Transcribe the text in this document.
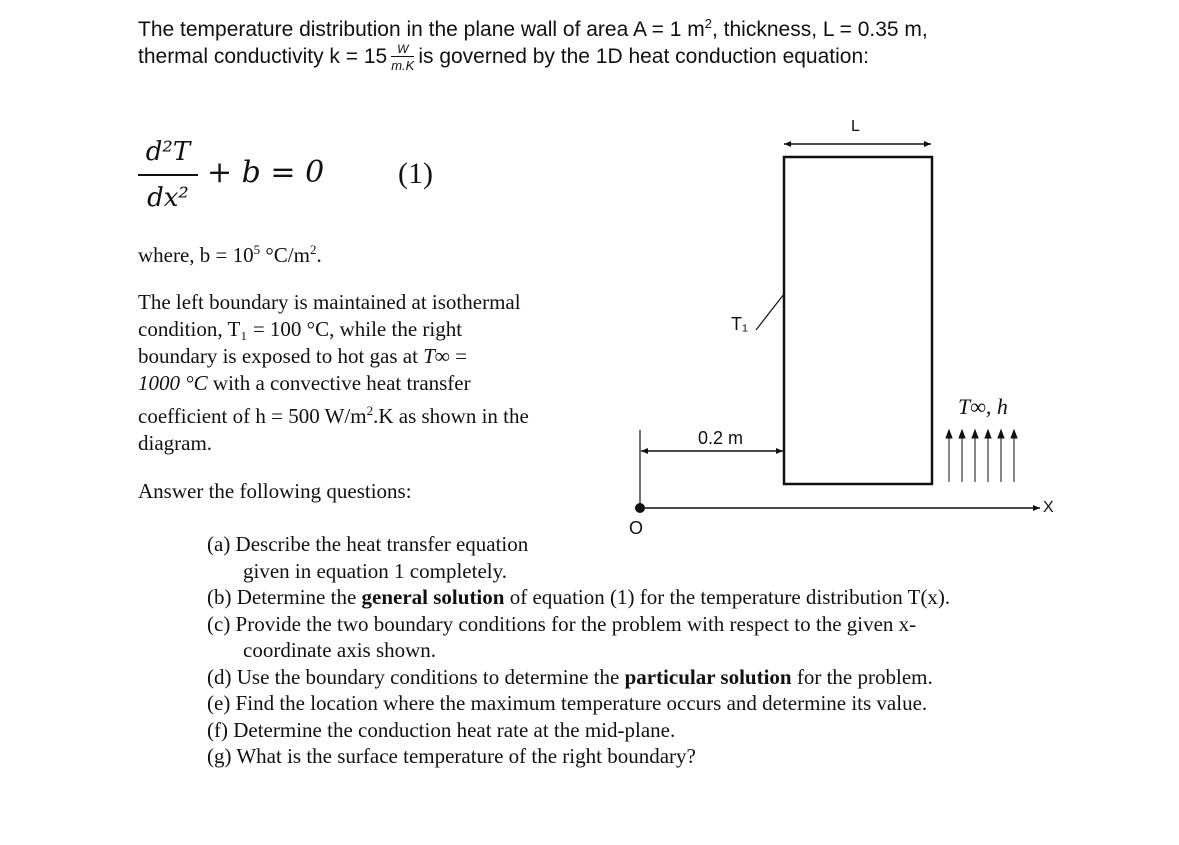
The temperature distribution in the plane wall of area A = 1 $m^2$, thickness, L = 0.35 m,
thermal conductivity $k = 15 \frac{W}{m.K}$ is governed by the 1D heat conduction equation:
d²T
dx²
+ b = 0 (1)
where, $b = 10^5$ $^\circ C/m^2$.
The left boundary is maintained at isothermal
condition, T₁ = 100 °C, while the right
boundary is exposed to hot gas at T∞ =
1000 °C with a convective heat transfer
coefficient of h = 500 $W/m^2.K$ as shown in the
diagram.
Answer the following questions:
L
T₁
0.2 m
T∞, h
O
X
(a) Describe the heat transfer equation
given in equation 1 completely.
(b) Determine the general solution of equation (1) for the temperature distribution T(x).
(c) Provide the two boundary conditions for the problem with respect to the given x-
coordinate axis shown.
(d) Use the boundary conditions to determine the particular solution for the problem.
(e) Find the location where the maximum temperature occurs and determine its value.
(f) Determine the conduction heat rate at the mid-plane.
(g) What is the surface temperature of the right boundary?
